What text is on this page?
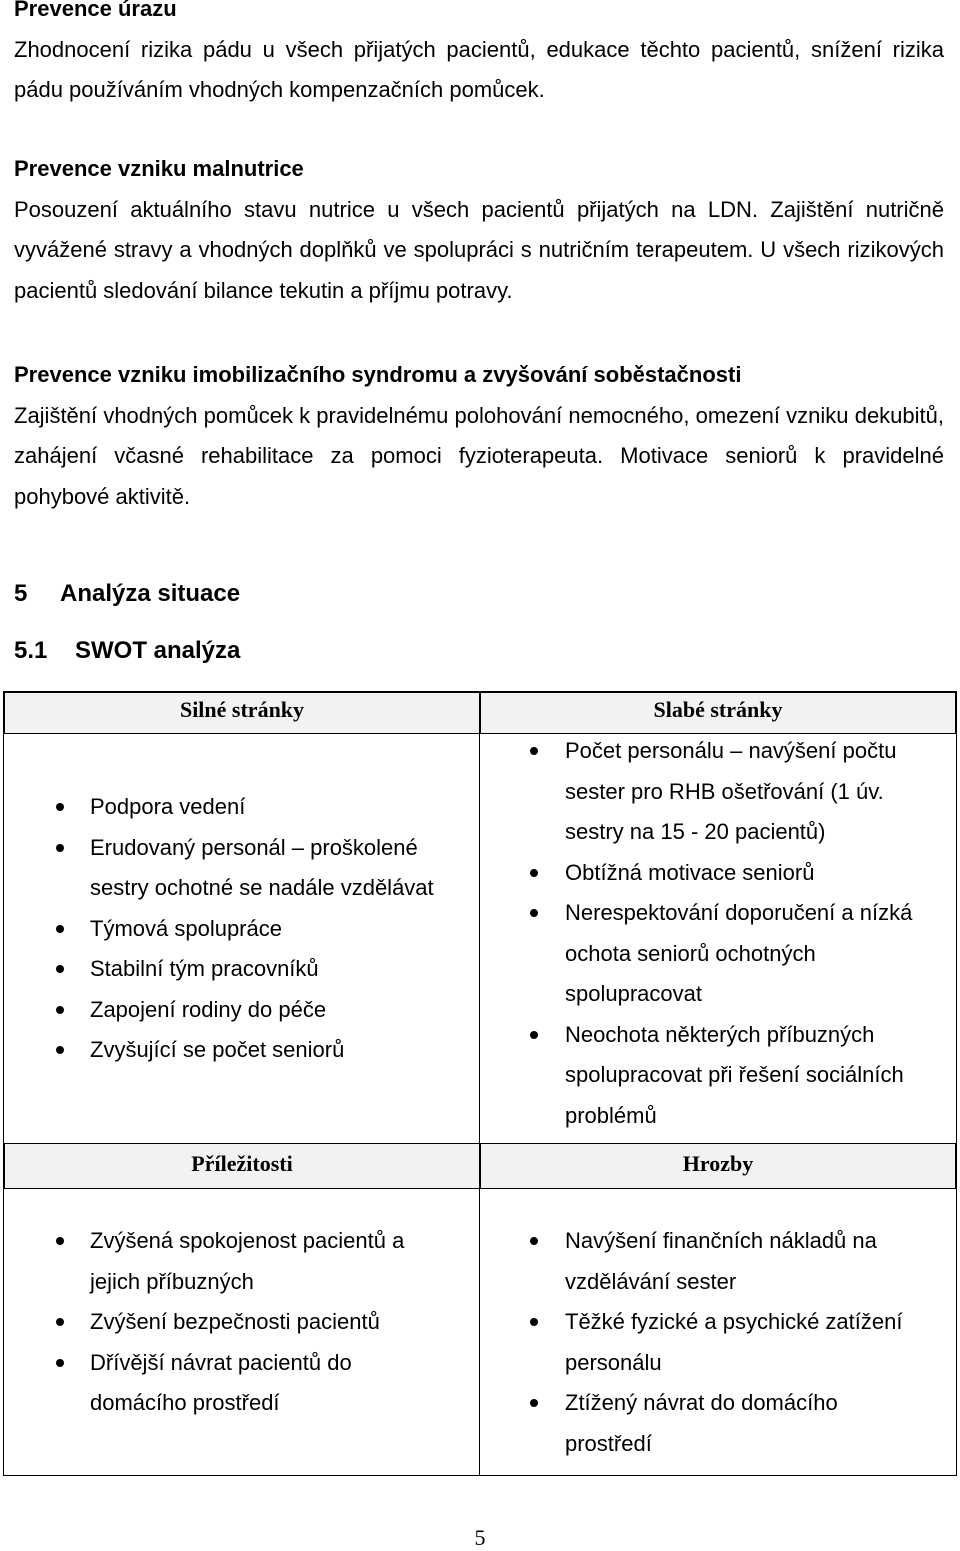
Prevence úrazu
Zhodnocení rizika pádu u všech přijatých pacientů, edukace těchto pacientů, snížení rizika pádu používáním vhodných kompenzačních pomůcek.
Prevence vzniku malnutrice
Posouzení aktuálního stavu nutrice u všech pacientů přijatých na LDN. Zajištění nutričně vyvážené stravy a vhodných doplňků ve spolupráci s nutričním terapeutem. U všech rizikových pacientů sledování bilance tekutin a příjmu potravy.
Prevence vzniku imobilizačního syndromu a zvyšování soběstačnosti
Zajištění vhodných pomůcek k pravidelnému polohování nemocného, omezení vzniku dekubitů, zahájení včasné rehabilitace za pomoci fyzioterapeuta. Motivace seniorů k pravidelné pohybové aktivitě.
5 Analýza situace
5.1 SWOT analýza
Silné stránky	Slabé stránky
Podpora vedení
Erudovaný personál – proškolené sestry ochotné se nadále vzdělávat
Týmová spolupráce
Stabilní tým pracovníků
Zapojení rodiny do péče
Zvyšující se počet seniorů
Počet personálu – navýšení počtu sester pro RHB ošetřování (1 úv. sestry na 15 - 20 pacientů)
Obtížná motivace seniorů
Nerespektování doporučení a nízká ochota seniorů ochotných spolupracovat
Neochota některých příbuzných spolupracovat při řešení sociálních problémů
Příležitosti	Hrozby
Zvýšená spokojenost pacientů a jejich příbuzných
Zvýšení bezpečnosti pacientů
Dřívější návrat pacientů do domácího prostředí
Navýšení finančních nákladů na vzdělávání sester
Těžké fyzické a psychické zatížení personálu
Ztížený návrat do domácího prostředí
5
